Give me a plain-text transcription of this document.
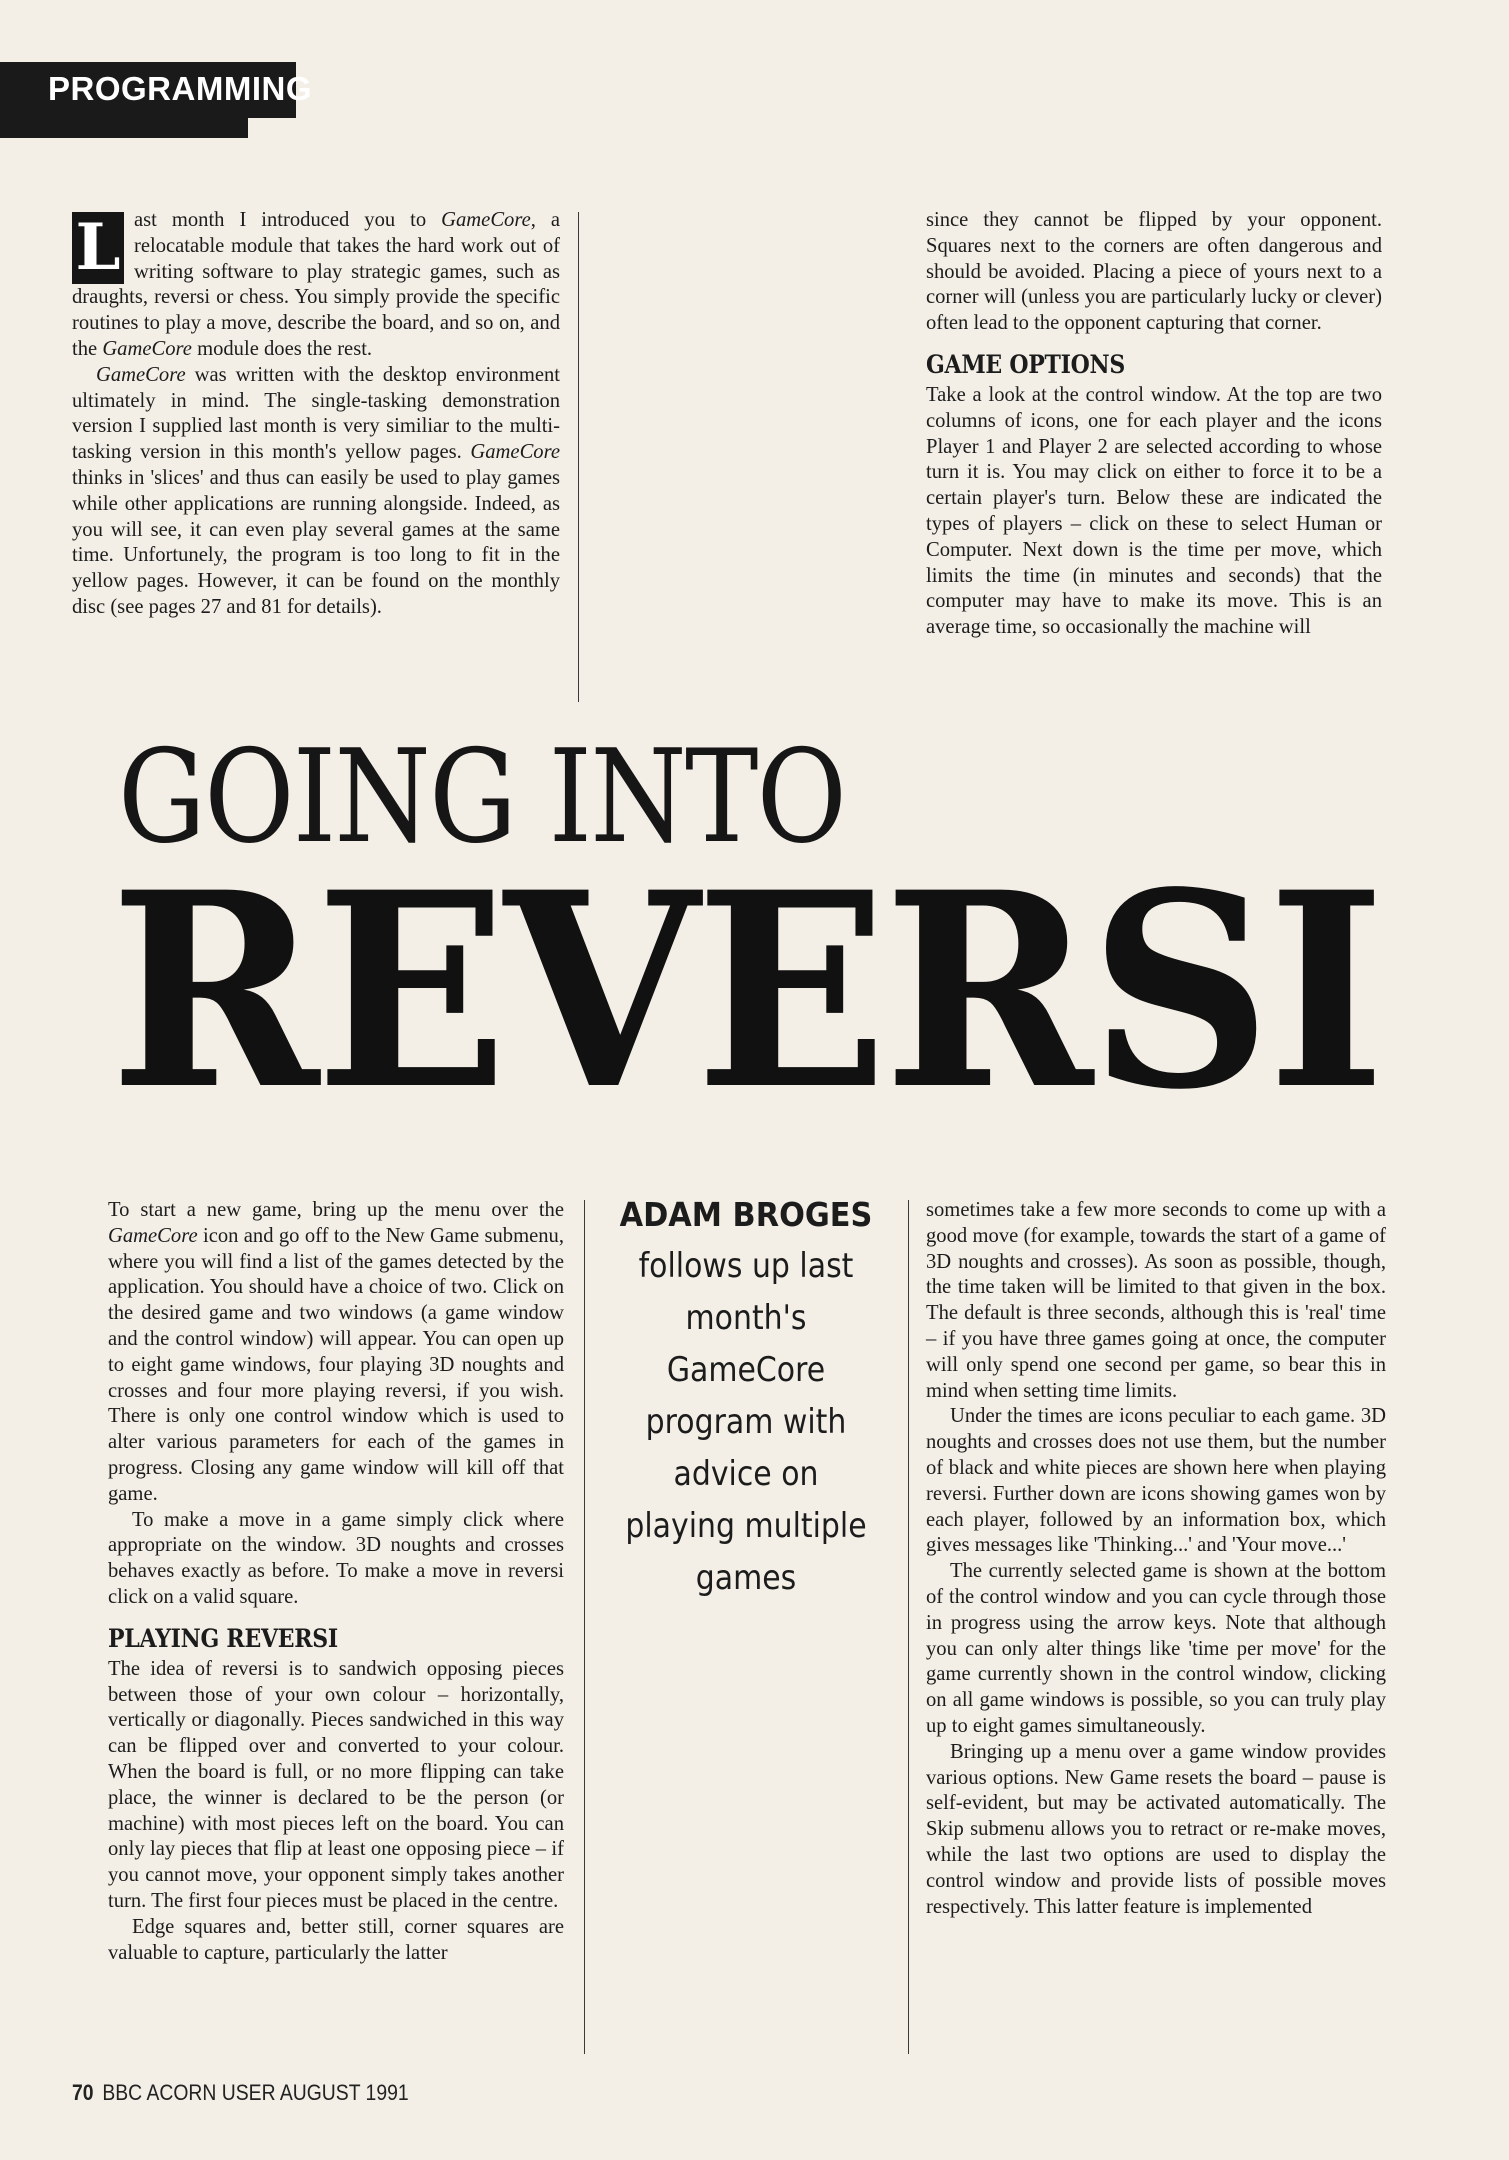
PROGRAMMING

L ast month I introduced you to GameCore, a relocatable module that takes the hard work out of writing software to play strategic games, such as draughts, reversi or chess. You simply provide the specific routines to play a move, describe the board, and so on, and the GameCore module does the rest.

GameCore was written with the desktop environment ultimately in mind. The single-tasking demonstration version I supplied last month is very similiar to the multi-tasking version in this month's yellow pages. GameCore thinks in 'slices' and thus can easily be used to play games while other applications are running alongside. Indeed, as you will see, it can even play several games at the same time. Unfortunely, the program is too long to fit in the yellow pages. However, it can be found on the monthly disc (see pages 27 and 81 for details).

since they cannot be flipped by your opponent. Squares next to the corners are often dangerous and should be avoided. Placing a piece of yours next to a corner will (unless you are particularly lucky or clever) often lead to the opponent capturing that corner.

GAME OPTIONS

Take a look at the control window. At the top are two columns of icons, one for each player and the icons Player 1 and Player 2 are selected according to whose turn it is. You may click on either to force it to be a certain player's turn. Below these are indicated the types of players – click on these to select Human or Computer. Next down is the time per move, which limits the time (in minutes and seconds) that the computer may have to make its move. This is an average time, so occasionally the machine will

GOING INTO
REVERSI

To start a new game, bring up the menu over the GameCore icon and go off to the New Game submenu, where you will find a list of the games detected by the application. You should have a choice of two. Click on the desired game and two windows (a game window and the control window) will appear. You can open up to eight game windows, four playing 3D noughts and crosses and four more playing reversi, if you wish. There is only one control window which is used to alter various parameters for each of the games in progress. Closing any game window will kill off that game.

To make a move in a game simply click where appropriate on the window. 3D noughts and crosses behaves exactly as before. To make a move in reversi click on a valid square.

PLAYING REVERSI

The idea of reversi is to sandwich opposing pieces between those of your own colour – horizontally, vertically or diagonally. Pieces sandwiched in this way can be flipped over and converted to your colour. When the board is full, or no more flipping can take place, the winner is declared to be the person (or machine) with most pieces left on the board. You can only lay pieces that flip at least one opposing piece – if you cannot move, your opponent simply takes another turn. The first four pieces must be placed in the centre.

Edge squares and, better still, corner squares are valuable to capture, particularly the latter

ADAM BROGES
follows up last month's GameCore program with advice on playing multiple games

sometimes take a few more seconds to come up with a good move (for example, towards the start of a game of 3D noughts and crosses). As soon as possible, though, the time taken will be limited to that given in the box. The default is three seconds, although this is 'real' time – if you have three games going at once, the computer will only spend one second per game, so bear this in mind when setting time limits.

Under the times are icons peculiar to each game. 3D noughts and crosses does not use them, but the number of black and white pieces are shown here when playing reversi. Further down are icons showing games won by each player, followed by an information box, which gives messages like 'Thinking...' and 'Your move...'

The currently selected game is shown at the bottom of the control window and you can cycle through those in progress using the arrow keys. Note that although you can only alter things like 'time per move' for the game currently shown in the control window, clicking on all game windows is possible, so you can truly play up to eight games simultaneously.

Bringing up a menu over a game window provides various options. New Game resets the board – pause is self-evident, but may be activated automatically. The Skip submenu allows you to retract or re-make moves, while the last two options are used to display the control window and provide lists of possible moves respectively. This latter feature is implemented

70 BBC ACORN USER AUGUST 1991
